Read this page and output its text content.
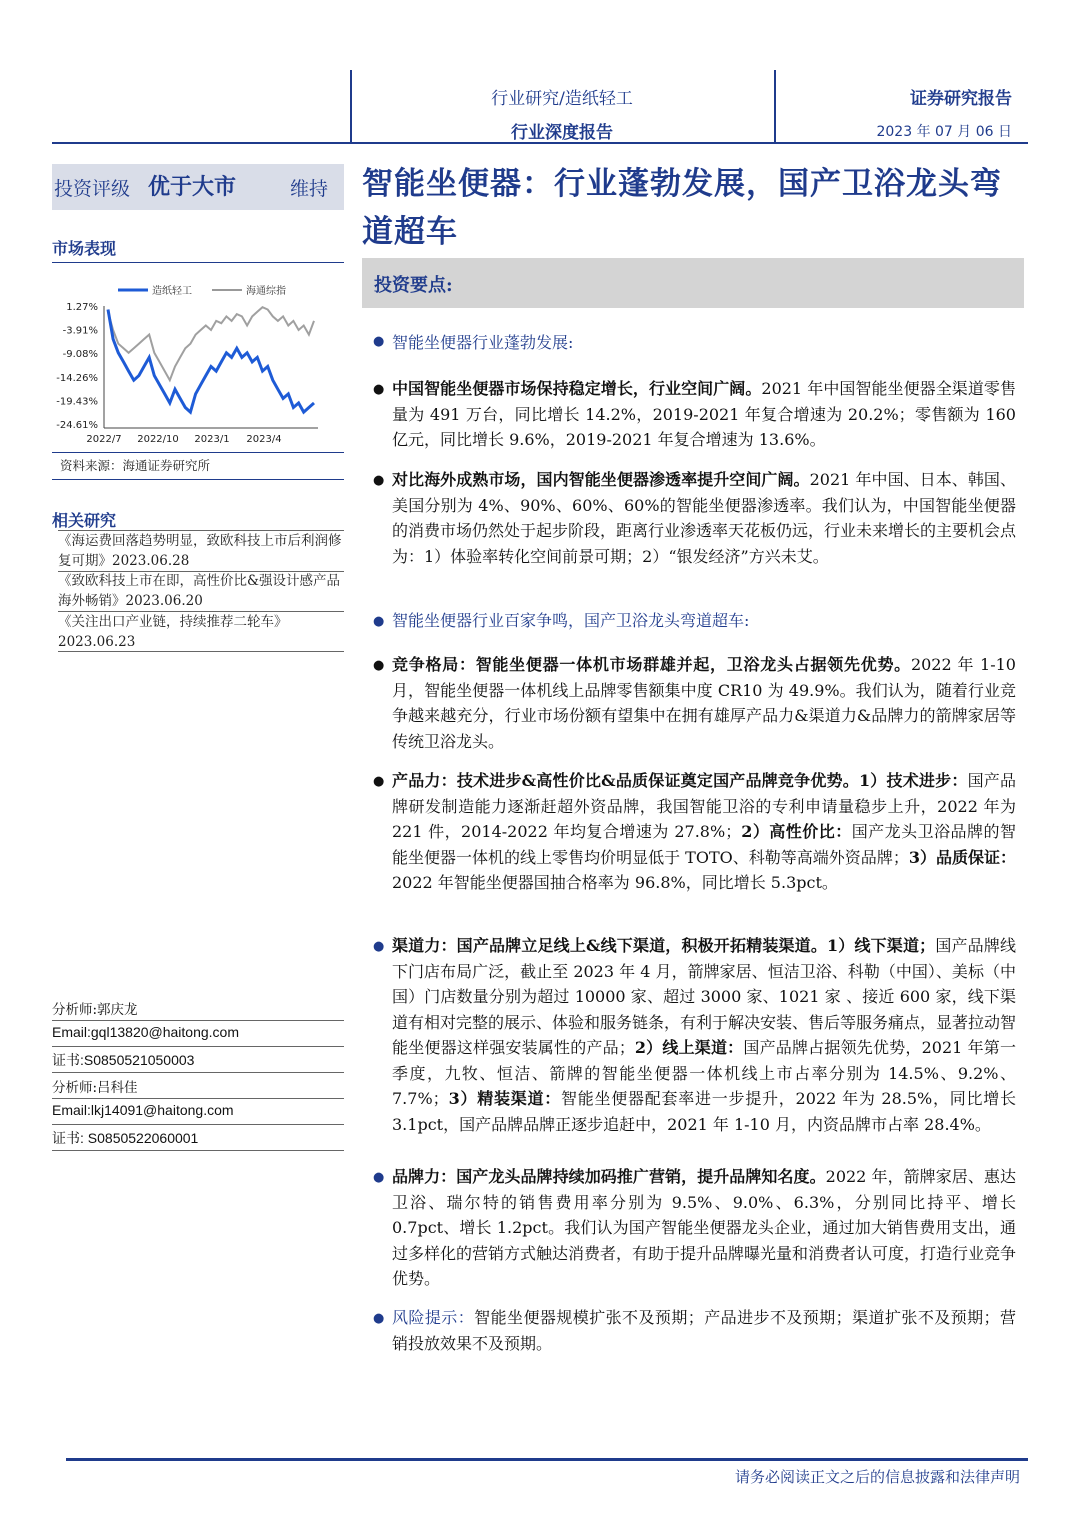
行业研究/造纸轻工
行业深度报告
证券研究报告
2023 年 07 月 06 日
投资评级 优于大市	维持
市场表现
造纸轻工	海通综指
1.27%
-3.91%
-9.08%
-14.26%
-19.43%
-24.61%
2022/7 2022/10 2023/1 2023/4
资料来源：海通证券研究所
相关研究
《海运费回落趋势明显，致欧科技上市后利润修复可期》2023.06.28
《致欧科技上市在即，高性价比&强设计感产品海外畅销》2023.06.20
《关注出口产业链，持续推荐二轮车》2023.06.23
分析师:郭庆龙
Email:gql13820@haitong.com
证书:S0850521050003
分析师:吕科佳
Email:lkj14091@haitong.com
证书: S0850522060001
智能坐便器：行业蓬勃发展，国产卫浴龙头弯道超车
投资要点:
● 智能坐便器行业蓬勃发展:
● 中国智能坐便器市场保持稳定增长，行业空间广阔。2021 年中国智能坐便器全渠道零售量为 491 万台，同比增长 14.2%，2019-2021 年复合增速为 20.2%；零售额为 160 亿元，同比增长 9.6%，2019-2021 年复合增速为 13.6%。
● 对比海外成熟市场，国内智能坐便器渗透率提升空间广阔。2021 年中国、日本、韩国、美国分别为 4%、90%、60%、60%的智能坐便器渗透率。我们认为，中国智能坐便器的消费市场仍然处于起步阶段，距离行业渗透率天花板仍远，行业未来增长的主要机会点为：1）体验率转化空间前景可期；2）“银发经济”方兴未艾。
● 智能坐便器行业百家争鸣，国产卫浴龙头弯道超车:
● 竞争格局：智能坐便器一体机市场群雄并起，卫浴龙头占据领先优势。2022 年 1-10 月，智能坐便器一体机线上品牌零售额集中度 CR10 为 49.9%。我们认为，随着行业竞争越来越充分，行业市场份额有望集中在拥有雄厚产品力&渠道力&品牌力的箭牌家居等传统卫浴龙头。
● 产品力：技术进步&高性价比&品质保证奠定国产品牌竞争优势。1）技术进步：国产品牌研发制造能力逐渐赶超外资品牌，我国智能卫浴的专利申请量稳步上升，2022 年为 221 件，2014-2022 年均复合增速为 27.8%；2）高性价比：国产龙头卫浴品牌的智能坐便器一体机的线上零售均价明显低于 TOTO、科勒等高端外资品牌；3）品质保证：2022 年智能坐便器国抽合格率为 96.8%，同比增长 5.3pct。
● 渠道力：国产品牌立足线上&线下渠道，积极开拓精装渠道。1）线下渠道；国产品牌线下门店布局广泛，截止至 2023 年 4 月，箭牌家居、恒洁卫浴、科勒（中国）、美标（中国）门店数量分别为超过 10000 家、超过 3000 家、1021 家 、接近 600 家，线下渠道有相对完整的展示、体验和服务链条，有利于解决安装、售后等服务痛点，显著拉动智能坐便器这样强安装属性的产品；2）线上渠道：国产品牌占据领先优势，2021 年第一季度，九牧、恒洁、箭牌的智能坐便器一体机线上市占率分别为 14.5%、9.2%、7.7%；3）精装渠道：智能坐便器配套率进一步提升，2022 年为 28.5%，同比增长 3.1pct，国产品牌品牌正逐步追赶中，2021 年 1-10 月，内资品牌市占率 28.4%。
● 品牌力：国产龙头品牌持续加码推广营销，提升品牌知名度。2022 年，箭牌家居、惠达卫浴、瑞尔特的销售费用率分别为 9.5%、9.0%、6.3%，分别同比持平、增长 0.7pct、增长 1.2pct。我们认为国产智能坐便器龙头企业，通过加大销售费用支出，通过多样化的营销方式触达消费者，有助于提升品牌曝光量和消费者认可度，打造行业竞争优势。
● 风险提示：智能坐便器规模扩张不及预期；产品进步不及预期；渠道扩张不及预期；营销投放效果不及预期。
请务必阅读正文之后的信息披露和法律声明
